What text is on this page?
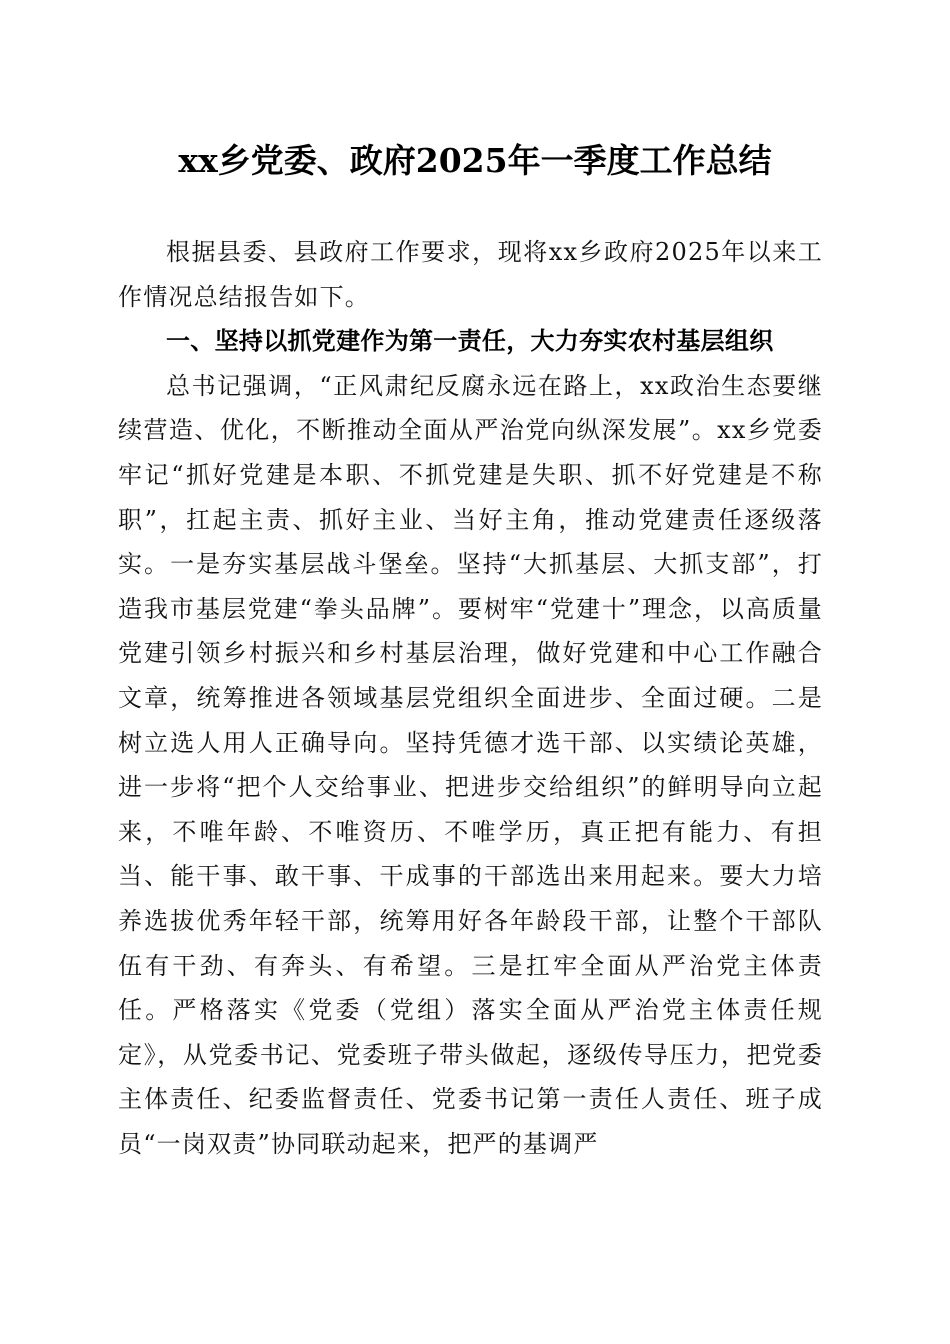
xx乡党委、政府2025年一季度工作总结

根据县委、县政府工作要求，现将xx乡政府2025年以来工作情况总结报告如下。

一、坚持以抓党建作为第一责任，大力夯实农村基层组织

总书记强调，“正风肃纪反腐永远在路上，xx政治生态要继续营造、优化，不断推动全面从严治党向纵深发展”。xx乡党委牢记“抓好党建是本职、不抓党建是失职、抓不好党建是不称职”，扛起主责、抓好主业、当好主角，推动党建责任逐级落实。一是夯实基层战斗堡垒。坚持“大抓基层、大抓支部”，打造我市基层党建“拳头品牌”。要树牢“党建十”理念，以高质量党建引领乡村振兴和乡村基层治理，做好党建和中心工作融合文章，统筹推进各领域基层党组织全面进步、全面过硬。二是树立选人用人正确导向。坚持凭德才选干部、以实绩论英雄，进一步将“把个人交给事业、把进步交给组织”的鲜明导向立起来，不唯年龄、不唯资历、不唯学历，真正把有能力、有担当、能干事、敢干事、干成事的干部选出来用起来。要大力培养选拔优秀年轻干部，统筹用好各年龄段干部，让整个干部队伍有干劲、有奔头、有希望。三是扛牢全面从严治党主体责任。严格落实《党委（党组）落实全面从严治党主体责任规定》，从党委书记、党委班子带头做起，逐级传导压力，把党委主体责任、纪委监督责任、党委书记第一责任人责任、班子成员“一岗双责”协同联动起来，把严的基调严
